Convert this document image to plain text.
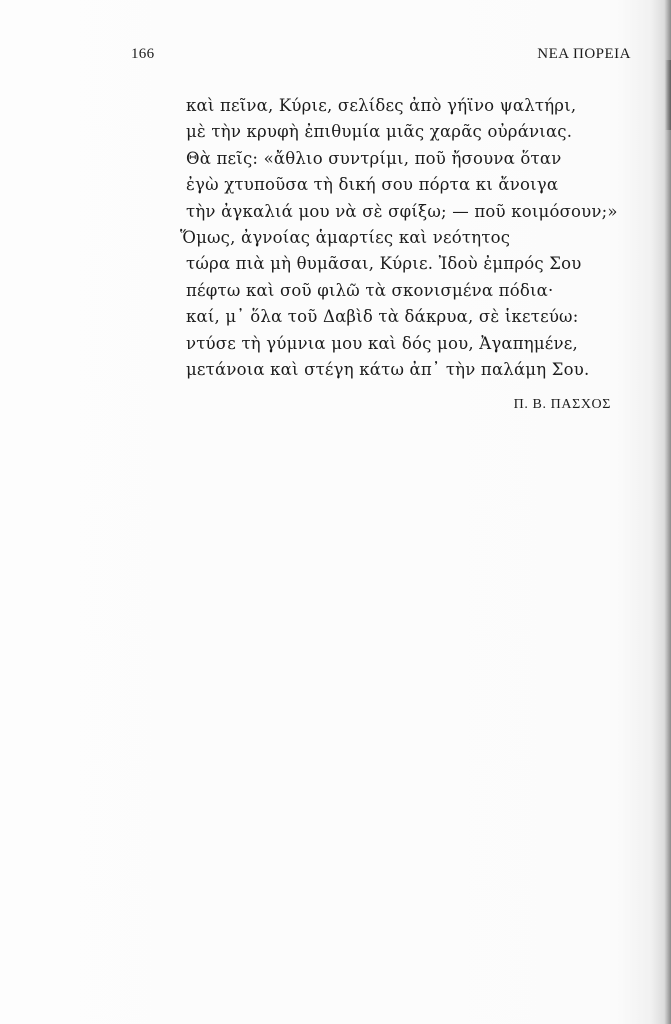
166	ΝΕΑ ΠΟΡΕΙΑ
καὶ πεῖνα, Κύριε, σελίδες ἀπὸ γήϊνο ψαλτήρι,
μὲ τὴν κρυφὴ ἐπιθυμία μιᾶς χαρᾶς οὐράνιας.
Θὰ πεῖς: «ἄθλιο συντρίμι, ποῦ ἤσουνα ὅταν
ἐγὼ χτυποῦσα τὴ δική σου πόρτα κι ἄνοιγα
τὴν ἀγκαλιά μου νὰ σὲ σφίξω; — ποῦ κοιμόσουν;»
Ὅμως, ἀγνοίας ἁμαρτίες καὶ νεότητος
τώρα πιὰ μὴ θυμᾶσαι, Κύριε. Ἰδοὺ ἐμπρός Σου
πέφτω καὶ σοῦ φιλῶ τὰ σκονισμένα πόδια·
καί, μ᾽ ὅλα τοῦ Δαβὶδ τὰ δάκρυα, σὲ ἱκετεύω:
ντύσε τὴ γύμνια μου καὶ δός μου, Ἀγαπημένε,
μετάνοια καὶ στέγη κάτω ἀπ᾽ τὴν παλάμη Σου.
Π. Β. ΠΑΣΧΟΣ
